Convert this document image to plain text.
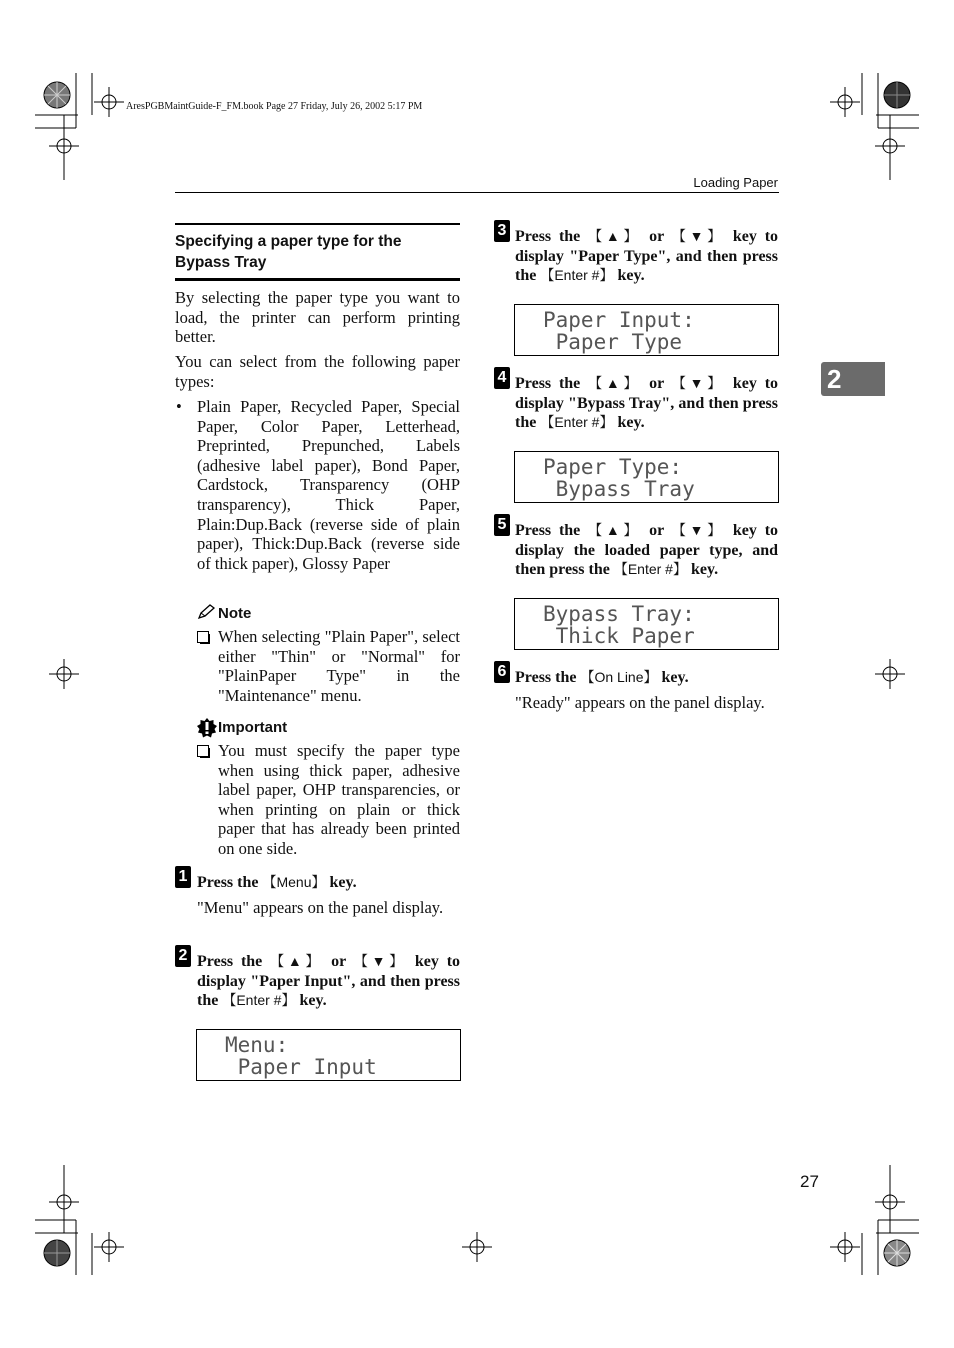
AresPGBMaintGuide-F_FM.book Page 27 Friday, July 26, 2002 5:17 PM
Loading Paper
2
Specifying a paper type for the Bypass Tray
By selecting the paper type you want to load, the printer can perform printing better.
You can select from the following paper types:
• Plain Paper, Recycled Paper, Special Paper, Color Paper, Letterhead, Preprinted, Prepunched, Labels (adhesive label paper), Bond Paper, Cardstock, Transparency (OHP transparency), Thick Paper, Plain:Dup.Back (reverse side of plain paper), Thick:Dup.Back (reverse side of thick paper), Glossy Paper
Note
When selecting "Plain Paper", select either "Thin" or "Normal" for "PlainPaper Type" in the "Maintenance" menu.
Important
You must specify the paper type when using thick paper, adhesive label paper, OHP transparencies, or when printing on plain or thick paper that has already been printed on one side.
1 Press the 【Menu】 key.
"Menu" appears on the panel display.
2 Press the 【▲】 or 【▼】 key to display "Paper Input", and then press the 【Enter #】 key.
Menu:
Paper Input
3 Press the 【▲】 or 【▼】 key to display "Paper Type", and then press the 【Enter #】 key.
Paper Input:
Paper Type
4 Press the 【▲】 or 【▼】 key to display "Bypass Tray", and then press the 【Enter #】 key.
Paper Type:
Bypass Tray
5 Press the 【▲】 or 【▼】 key to display the loaded paper type, and then press the 【Enter #】 key.
Bypass Tray:
Thick Paper
6 Press the 【On Line】 key.
"Ready" appears on the panel display.
27
